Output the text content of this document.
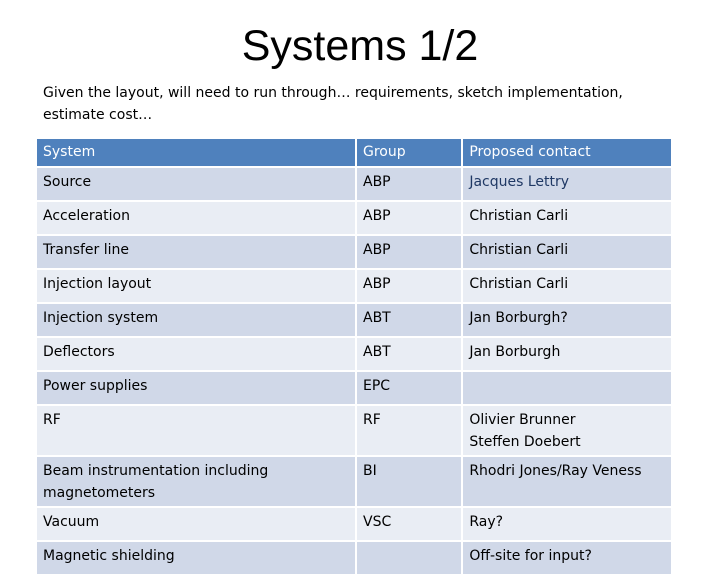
Systems 1/2
Given the layout, will need to run through… requirements, sketch implementation, estimate cost…
System	Group	Proposed contact
Source	ABP	Jacques Lettry
Acceleration	ABP	Christian Carli
Transfer line	ABP	Christian Carli
Injection layout	ABP	Christian Carli
Injection system	ABT	Jan Borburgh?
Deflectors	ABT	Jan Borburgh
Power supplies	EPC	
RF	RF	Olivier Brunner
Steffen Doebert
Beam instrumentation including magnetometers	BI	Rhodri Jones/Ray Veness
Vacuum	VSC	Ray?
Magnetic shielding		Off-site for input?
